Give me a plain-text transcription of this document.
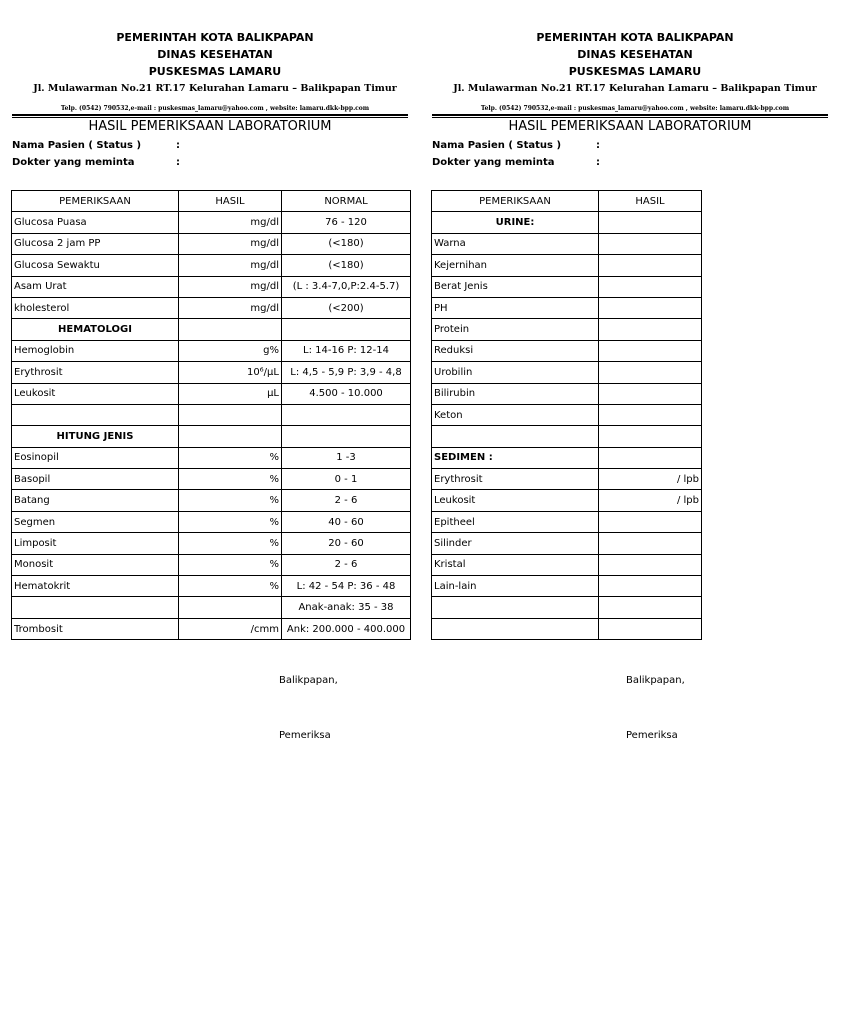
PEMERINTAH KOTA BALIKPAPAN
DINAS KESEHATAN
PUSKESMAS LAMARU
Jl. Mulawarman No.21 RT.17 Kelurahan Lamaru – Balikpapan Timur
Telp. (0542) 790532,e-mail : puskesmas_lamaru@yahoo.com , website: lamaru.dkk-bpp.com
HASIL PEMERIKSAAN LABORATORIUM
Nama Pasien ( Status )	:
Dokter yang meminta	:
PEMERIKSAAN	HASIL	NORMAL
Glucosa Puasa	mg/dl	76 - 120
Glucosa 2 jam PP	mg/dl	(<180)
Glucosa Sewaktu	mg/dl	(<180)
Asam Urat	mg/dl	(L : 3.4-7,0,P:2.4-5.7)
kholesterol	mg/dl	(<200)
HEMATOLOGI		
Hemoglobin	g%	L: 14-16 P: 12-14
Erythrosit	10⁶/µL	L: 4,5 - 5,9 P: 3,9 - 4,8
Leukosit	µL	4.500 - 10.000

HITUNG JENIS		
Eosinopil	%	1 -3
Basopil	%	0 - 1
Batang	%	2 - 6
Segmen	%	40 - 60
Limposit	%	20 - 60
Monosit	%	2 - 6
Hematokrit	%	L: 42 - 54 P: 36 - 48
		Anak-anak: 35 - 38
Trombosit	/cmm	Ank: 200.000 - 400.000
Balikpapan,
Pemeriksa
PEMERINTAH KOTA BALIKPAPAN
DINAS KESEHATAN
PUSKESMAS LAMARU
Jl. Mulawarman No.21 RT.17 Kelurahan Lamaru – Balikpapan Timur
Telp. (0542) 790532,e-mail : puskesmas_lamaru@yahoo.com , website: lamaru.dkk-bpp.com
HASIL PEMERIKSAAN LABORATORIUM
Nama Pasien ( Status )	:
Dokter yang meminta	:
PEMERIKSAAN	HASIL
URINE:	
Warna	
Kejernihan	
Berat Jenis	
PH	
Protein	
Reduksi	
Urobilin	
Bilirubin	
Keton	

SEDIMEN :	
Erythrosit	/ lpb
Leukosit	/ lpb
Epitheel	
Silinder	
Kristal	
Lain-lain	

Balikpapan,
Pemeriksa
